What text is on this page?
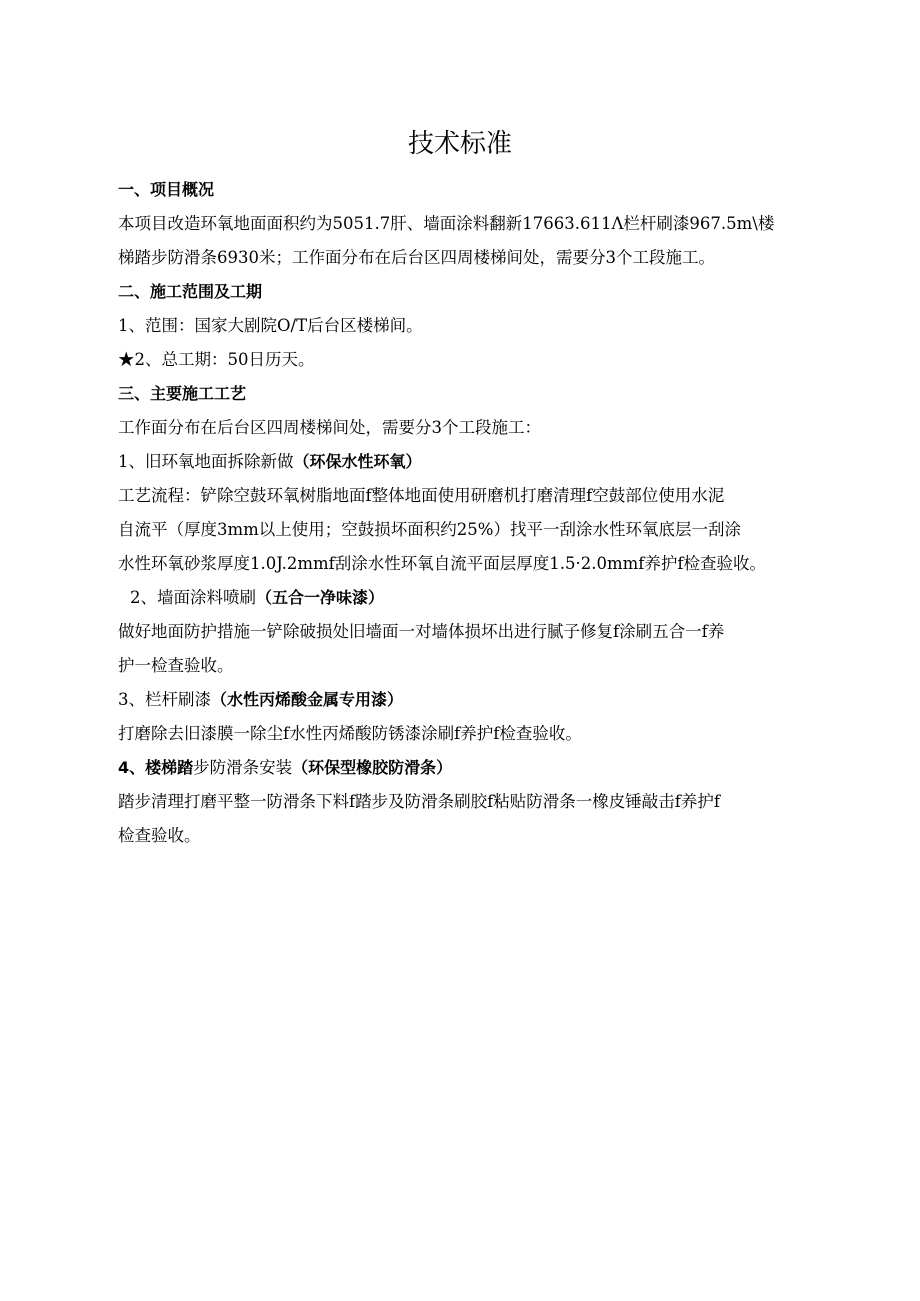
技术标准

一、项目概况

本项目改造环氧地面面积约为5051.7肝、墙面涂料翻新17663.611Λ栏杆刷漆967.5m\楼

梯踏步防滑条6930米；工作面分布在后台区四周楼梯间处，需要分3个工段施工。

二、施工范围及工期

1、范围：国家大剧院O/T后台区楼梯间。

★2、总工期：50日历天。

三、主要施工工艺

工作面分布在后台区四周楼梯间处，需要分3个工段施工：

1、旧环氧地面拆除新做（环保水性环氧）

工艺流程：铲除空鼓环氧树脂地面f整体地面使用研磨机打磨清理f空鼓部位使用水泥

自流平（厚度3mm以上使用；空鼓损坏面积约25%）找平一刮涂水性环氧底层一刮涂

水性环氧砂浆厚度1.0J.2mmf刮涂水性环氧自流平面层厚度1.5·2.0mmf养护f检查验收。

2、墙面涂料喷刷（五合一净味漆）

做好地面防护措施一铲除破损处旧墙面一对墙体损坏出进行腻子修复f涂刷五合一f养

护一检查验收。

3、栏杆刷漆（水性丙烯酸金属专用漆）

打磨除去旧漆膜一除尘f水性丙烯酸防锈漆涂刷f养护f检查验收。

4、楼梯踏步防滑条安装（环保型橡胶防滑条）

踏步清理打磨平整一防滑条下料f踏步及防滑条刷胶f粘贴防滑条一橡皮锤敲击f养护f

检查验收。
